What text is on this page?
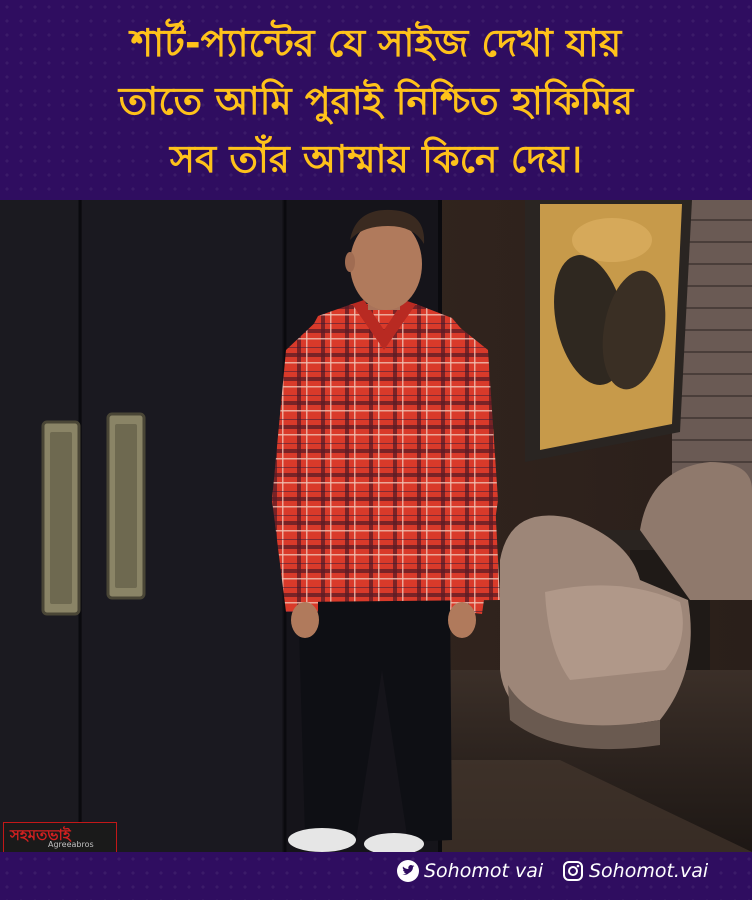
শার্ট-প্যান্টের যে সাইজ দেখা যায়
তাতে আমি পুরাই নিশ্চিত হাকিমির
সব তাঁর আম্মায় কিনে দেয়।
সহমতভাই
Agreeabros
Sohomot vai Sohomot.vai
